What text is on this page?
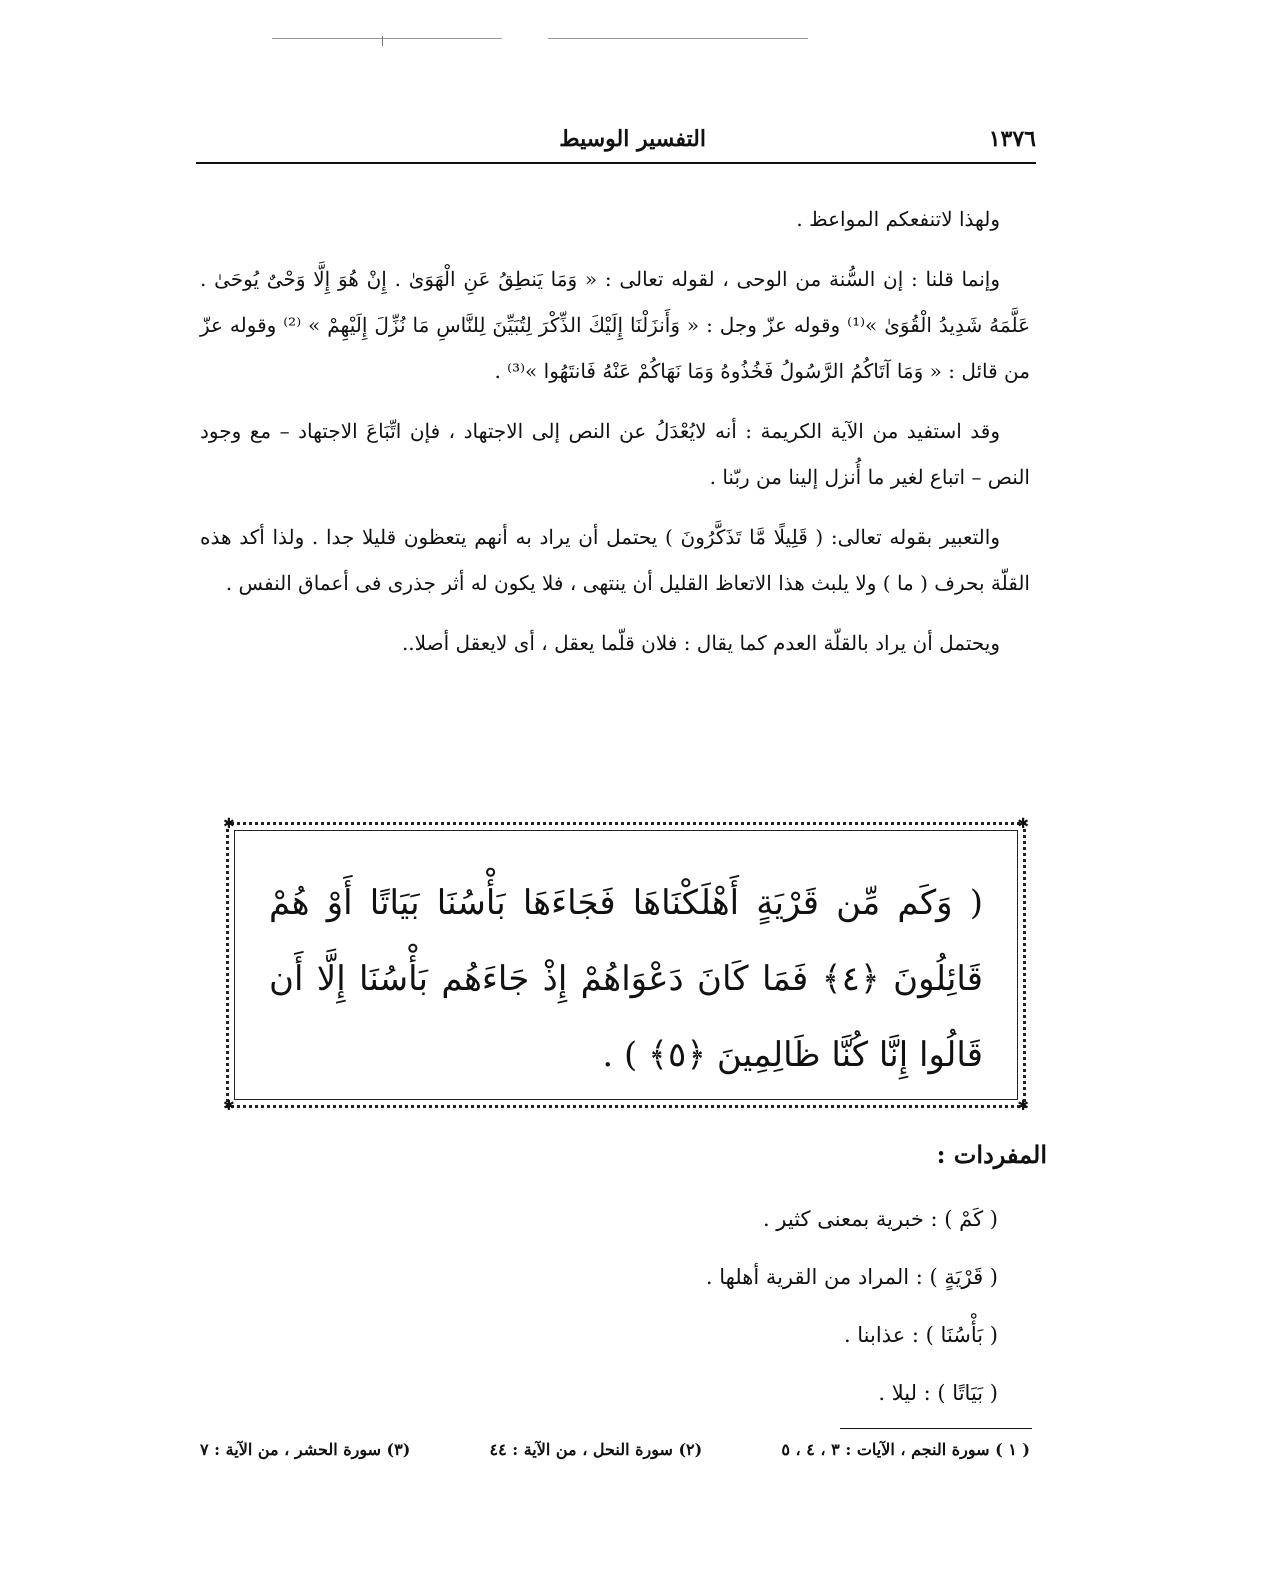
١٣٧٦
التفسير الوسيط

ولهذا لاتنفعكم المواعظ .

وإنما قلنا : إن السُّنة من الوحى ، لقوله تعالى : « وَمَا يَنطِقُ عَنِ الْهَوَىٰ . إِنْ هُوَ إِلَّا وَحْىٌ يُوحَىٰ . عَلَّمَهُ شَدِيدُ الْقُوَىٰ »⁽¹⁾ وقوله عزّ وجل : « وَأَنزَلْنَا إِلَيْكَ الذِّكْرَ لِتُبَيِّنَ لِلنَّاسِ مَا نُزِّلَ إِلَيْهِمْ » ⁽²⁾ وقوله عزّ من قائل : « وَمَا آتَاكُمُ الرَّسُولُ فَخُذُوهُ وَمَا نَهَاكُمْ عَنْهُ فَانتَهُوا »⁽³⁾ .

وقد استفيد من الآية الكريمة : أنه لايُعْدَلُ عن النص إلى الاجتهاد ، فإن اتِّبَاعَ الاجتهاد – مع وجود النص – اتباع لغير ما أُنزل إلينا من ربّنا .

والتعبير بقوله تعالى: ( قَلِيلًا مَّا تَذَكَّرُونَ ) يحتمل أن يراد به أنهم يتعظون قليلا جدا . ولذا أكد هذه القلّة بحرف ( ما ) ولا يلبث هذا الاتعاظ القليل أن ينتهى ، فلا يكون له أثر جذرى فى أعماق النفس .

ويحتمل أن يراد بالقلّة العدم كما يقال : فلان قلّما يعقل ، أى لايعقل أصلا..

✱	✱
✱	✱
( وَكَم مِّن قَرْيَةٍ أَهْلَكْنَاهَا فَجَاءَهَا بَأْسُنَا بَيَاتًا أَوْ هُمْ قَائِلُونَ ﴿٤﴾ فَمَا كَانَ دَعْوَاهُمْ إِذْ جَاءَهُم بَأْسُنَا إِلَّا أَن قَالُوا إِنَّا كُنَّا ظَالِمِينَ ﴿٥﴾ ) .
المفردات :
( كَمْ ) : خبرية بمعنى كثير .
( قَرْيَةٍ ) : المراد من القرية أهلها .
( بَأْسُنَا ) : عذابنا .
( بَيَاتًا ) : ليلا .
( ١ ) سورة النجم ، الآيات : ٣ ، ٤ ، ٥
(٢) سورة النحل ، من الآية : ٤٤
(٣) سورة الحشر ، من الآية : ٧
